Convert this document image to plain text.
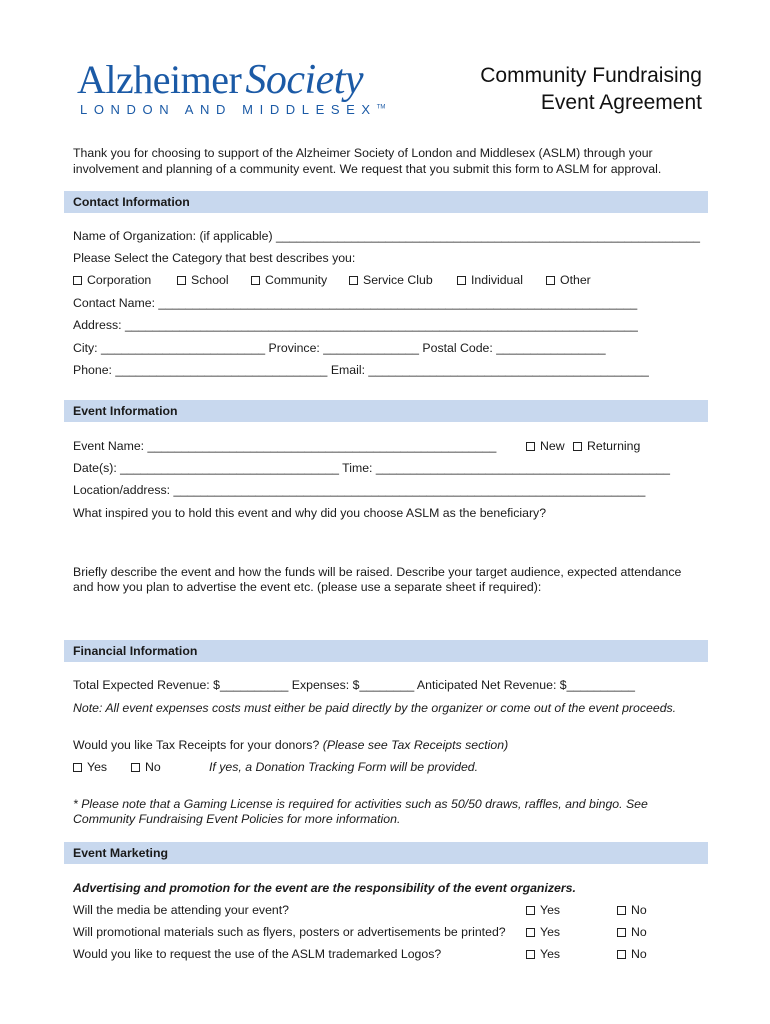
AlzheimerSociety
LONDON AND MIDDLESEX™
Community Fundraising
Event Agreement
Thank you for choosing to support of the Alzheimer Society of London and Middlesex (ASLM) through your involvement and planning of a community event. We request that you submit this form to ASLM for approval.
Contact Information
Name of Organization: (if applicable) ______________________________________________________________
Please Select the Category that best describes you:
Corporation	School	Community	Service Club	Individual	Other
Contact Name: ______________________________________________________________________
Address: ___________________________________________________________________________
City: ________________________ Province: ______________ Postal Code: ________________
Phone: _______________________________ Email: _________________________________________
Event Information
Event Name: ___________________________________________________	New	Returning
Date(s): ________________________________ Time: ___________________________________________
Location/address: _____________________________________________________________________
What inspired you to hold this event and why did you choose ASLM as the beneficiary?
Briefly describe the event and how the funds will be raised. Describe your target audience, expected attendance
and how you plan to advertise the event etc. (please use a separate sheet if required):
Financial Information
Total Expected Revenue: $__________ Expenses: $________ Anticipated Net Revenue: $__________
Note: All event expenses costs must either be paid directly by the organizer or come out of the event proceeds.
Would you like Tax Receipts for your donors? (Please see Tax Receipts section)
Yes	No	If yes, a Donation Tracking Form will be provided.
* Please note that a Gaming License is required for activities such as 50/50 draws, raffles, and bingo. See
Community Fundraising Event Policies for more information.
Event Marketing
Advertising and promotion for the event are the responsibility of the event organizers.
Will the media be attending your event?	Yes	No
Will promotional materials such as flyers, posters or advertisements be printed?	Yes	No
Would you like to request the use of the ASLM trademarked Logos?	Yes	No
